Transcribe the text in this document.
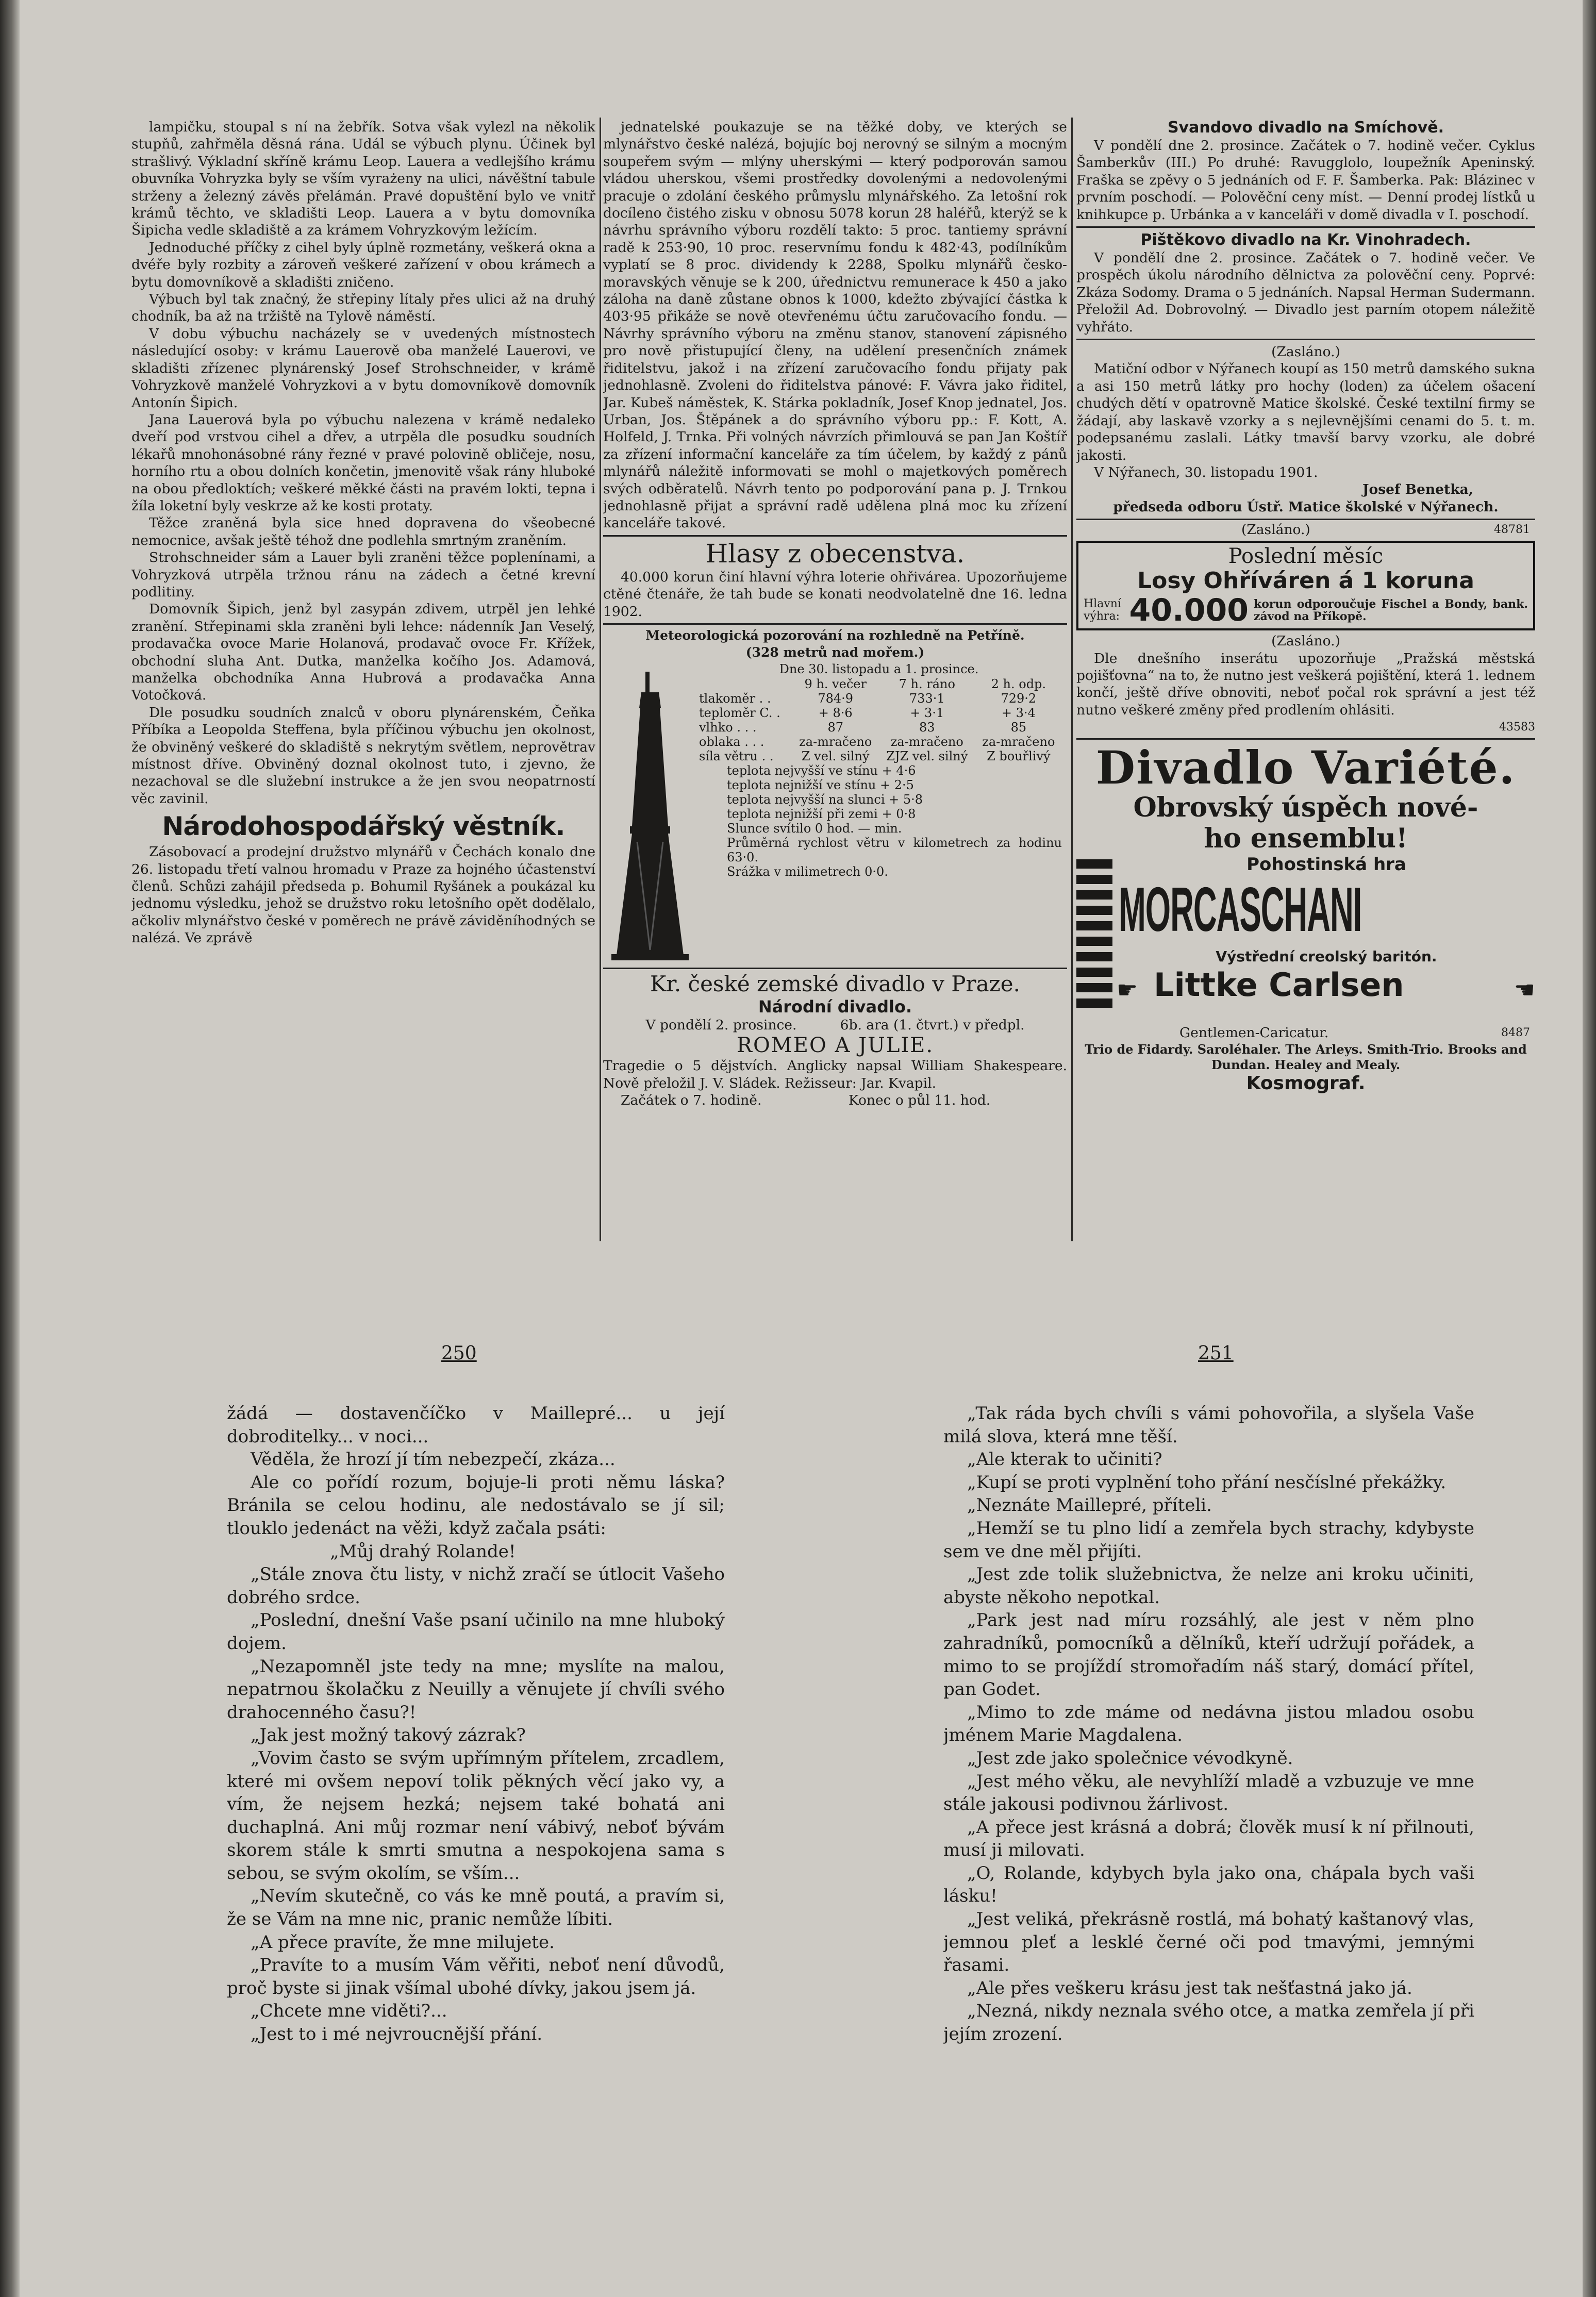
lampičku, stoupal s ní na žebřík. Sotva však vylezl na několik stupňů, zahřměla děsná rána. Udál se výbuch plynu. Účinek byl strašlivý. Výkladní skříně krámu Leop. Lauera a vedlejšího krámu obuvníka Vohryzka byly se vším vyrażeny na ulici, návěštní tabule strženy a železný závěs přelámán. Pravé dopuštění bylo ve vnitř krámů těchto, ve skladišti Leop. Lauera a v bytu domovníka Šipicha vedle skladiště a za krámem Vohryzkovým ležícím.

Jednoduché příčky z cihel byly úplně rozmetány, veškerá okna a dvéře byly rozbity a zároveň veškeré zařízení v obou krámech a bytu domovníkově a skladišti zničeno.

Výbuch byl tak značný, že střepiny lítaly přes ulici až na druhý chodník, ba až na tržiště na Tylově náměstí.

V dobu výbuchu nacházely se v uvedených místnostech následující osoby: v krámu Lauerově oba manželé Lauerovi, ve skladišti zřízenec plynárenský Josef Strohschneider, v krámě Vohryzkově manželé Vohryzkovi a v bytu domovníkově domovník Antonín Šipich.

Jana Lauerová byla po výbuchu nalezena v krámě nedaleko dveří pod vrstvou cihel a dřev, a utrpěla dle posudku soudních lékařů mnohonásobné rány řezné v pravé polovině obličeje, nosu, horního rtu a obou dolních končetin, jmenovitě však rány hluboké na obou předloktích; veškeré měkké části na pravém lokti, tepna i žíla loketní byly veskrze až ke kosti protaty.

Těžce zraněná byla sice hned dopravena do všeobecné nemocnice, avšak ještě téhož dne podlehla smrtným zraněním.

Strohschneider sám a Lauer byli zraněni těžce poplenínami, a Vohryzková utrpěla tržnou ránu na zádech a četné krevní podlitiny.

Domovník Šipich, jenž byl zasypán zdivem, utrpěl jen lehké zranění. Střepinami skla zraněni byli lehce: nádenník Jan Veselý, prodavačka ovoce Marie Holanová, prodavač ovoce Fr. Křížek, obchodní sluha Ant. Dutka, manželka kočího Jos. Adamová, manželka obchodníka Anna Hubrová a prodavačka Anna Votočková.

Dle posudku soudních znalců v oboru plynárenském, Čeňka Příbíka a Leopolda Steffena, byla příčinou výbuchu jen okolnost, že obviněný veškeré do skladiště s nekrytým světlem, neprovětrav místnost dříve. Obviněný doznal okolnost tuto, i zjevno, že nezachoval se dle služební instrukce a že jen svou neopatrností věc zavinil.

Národohospodářský věstník.

Zásobovací a prodejní družstvo mlynářů v Čechách konalo dne 26. listopadu třetí valnou hromadu v Praze za hojného účastenství členů. Schůzi zahájil předseda p. Bohumil Ryšánek a poukázal ku jednomu výsledku, jehož se družstvo roku letošního opět dodělalo, ačkoliv mlynářstvo české v poměrech ne právě záviděníhodných se nalézá. Ve zprávě

jednatelské poukazuje se na těžké doby, ve kterých se mlynářstvo české nalézá, bojujíc boj nerovný se silným a mocným soupeřem svým — mlýny uherskými — který podporován samou vládou uherskou, všemi prostředky dovolenými a nedovolenými pracuje o zdolání českého průmyslu mlynářského. Za letošní rok docíleno čistého zisku v obnosu 5078 korun 28 haléřů, kterýž se k návrhu správního výboru rozdělí takto: 5 proc. tantiemy správní radě k 253·90, 10 proc. reservnímu fondu k 482·43, podílníkům vyplatí se 8 proc. dividendy k 2288, Spolku mlynářů česko-moravských věnuje se k 200, úřednictvu remunerace k 450 a jako záloha na daně zůstane obnos k 1000, kdežto zbývající částka k 403·95 přikáže se nově otevřenému účtu zaručovacího fondu. — Návrhy správního výboru na změnu stanov, stanovení zápisného pro nově přistupující členy, na udělení presenčních známek řiditelstvu, jakož i na zřízení zaručovacího fondu přijaty pak jednohlasně. Zvoleni do řiditelstva pánové: F. Vávra jako řiditel, Jar. Kubeš náměstek, K. Stárka pokladník, Josef Knop jednatel, Jos. Urban, Jos. Štěpánek a do správního výboru pp.: F. Kott, A. Holfeld, J. Trnka. Při volných návrzích přimlouvá se pan Jan Koštíř za zřízení informační kanceláře za tím účelem, by každý z pánů mlynářů náležitě informovati se mohl o majetkových poměrech svých odběratelů. Návrh tento po podporování pana p. J. Trnkou jednohlasně přijat a správní radě udělena plná moc ku zřízení kanceláře takové.

Hlasy z obecenstva.

40.000 korun činí hlavní výhra loterie ohřivárea. Upozorňujeme ctěné čtenáře, že tah bude se konati neodvolatelně dne 16. ledna 1902.

Meteorologická pozorování na rozhledně na Petříně.
(328 metrů nad mořem.)
Dne 30. listopadu a 1. prosince.
	9 h. večer	7 h. ráno	2 h. odp.
tlakoměr . .	784·9	733·1	729·2
teploměr C. .	+ 8·6	+ 3·1	+ 3·4
vlhko . . .	87	83	85
oblaka . . .	za-mračeno	za-mračeno	za-mračeno
síla větru . .	Z vel. silný	ZJZ vel. silný	Z bouřlivý
teplota nejvyšší ve stínu + 4·6
teplota nejnižší ve stínu + 2·5
teplota nejvyšší na slunci + 5·8
teplota nejnižší při zemi + 0·8
Slunce svítilo 0 hod. — min.
Průměrná rychlost větru v kilometrech za hodinu 63·0.
Srážka v milimetrech 0·0.
Kr. české zemské divadlo v Praze.
Národní divadlo.
V pondělí 2. prosince.          6b. ara (1. čtvrt.) v předpl.
ROMEO A JULIE.

Tragedie o 5 dějstvích. Anglicky napsal William Shakespeare. Nově přeložil J. V. Sládek. Režisseur: Jar. Kvapil.

Začátek o 7. hodině.                    Konec o půl 11. hod.
Svandovo divadlo na Smíchově.

V pondělí dne 2. prosince. Začátek o 7. hodině večer. Cyklus Šamberkův (III.) Po druhé: Ravugglolo, loupežník Apeninský. Fraška se zpěvy o 5 jednáních od F. F. Šamberka. Pak: Blázinec v prvním poschodí. — Polověční ceny míst. — Denní prodej lístků u knihkupce p. Urbánka a v kanceláři v domě divadla v I. poschodí.

Pištěkovo divadlo na Kr. Vinohradech.

V pondělí dne 2. prosince. Začátek o 7. hodině večer. Ve prospěch úkolu národního dělnictva za polověční ceny. Poprvé: Zkáza Sodomy. Drama o 5 jednáních. Napsal Herman Sudermann. Přeložil Ad. Dobrovolný. — Divadlo jest parním otopem náležitě vyhřáto.

(Zasláno.)

Matiční odbor v Nýřanech koupí as 150 metrů damského sukna a asi 150 metrů látky pro hochy (loden) za účelem ošacení chudých dětí v opatrovně Matice školské. České textilní firmy se žádají, aby laskavě vzorky a s nejlevnějšími cenami do 5. t. m. podepsanému zaslali. Látky tmavší barvy vzorku, ale dobré jakosti.

V Nýřanech, 30. listopadu 1901.

Josef Benetka,
předseda odboru Ústř. Matice školské v Nýřanech.
(Zasláno.)	48781
Poslední měsíc
Losy Ohříváren á 1 koruna
Hlavní výhra: 40.000 korun odporoučuje Fischel a Bondy, bank. závod na Příkopě.
(Zasláno.)

Dle dnešního inserátu upozorňuje „Pražská městská pojišťovna“ na to, že nutno jest veškerá pojištění, která 1. lednem končí, ještě dříve obnoviti, neboť počal rok správní a jest též nutno veškeré změny před prodlením ohlásiti.

43583
Divadlo Variété.
Obrovský úspěch nové-
ho ensemblu!
Pohostinská hra
MORCASCHANI
Výstřední creolský baritón.
Littke Carlsen
☛	☚
Gentlemen-Caricatur.	8487
Trio de Fidardy. Saroléhaler. The Arleys. Smith-Trio. Brooks and Dundan. Healey and Mealy.
Kosmograf.
250	251

žádá — dostavenčíčko v Maillepré... u její dobroditelky... v noci...

Věděla, že hrozí jí tím nebezpečí, zkáza...

Ale co pořídí rozum, bojuje-li proti němu láska? Bránila se celou hodinu, ale nedostávalo se jí sil; tlouklo jedenáct na věži, když začala psáti:

„Můj drahý Rolande!

„Stále znova čtu listy, v nichž zračí se útlocit Vašeho dobrého srdce.

„Poslední, dnešní Vaše psaní učinilo na mne hluboký dojem.

„Nezapomněl jste tedy na mne; myslíte na malou, nepatrnou školačku z Neuilly a věnujete jí chvíli svého drahocenného času?!

„Jak jest možný takový zázrak?

„Vovim často se svým upřímným přítelem, zrcadlem, které mi ovšem nepoví tolik pěkných věcí jako vy, a vím, že nejsem hezká; nejsem také bohatá ani duchaplná. Ani můj rozmar není vábivý, neboť bývám skorem stále k smrti smutna a nespokojena sama s sebou, se svým okolím, se vším...

„Nevím skutečně, co vás ke mně poutá, a pravím si, že se Vám na mne nic, pranic nemůže líbiti.

„A přece pravíte, že mne milujete.

„Pravíte to a musím Vám věřiti, neboť není důvodů, proč byste si jinak všímal ubohé dívky, jakou jsem já.

„Chcete mne viděti?...

„Jest to i mé nejvroucnější přání.

„Tak ráda bych chvíli s vámi pohovořila, a slyšela Vaše milá slova, která mne těší.

„Ale kterak to učiniti?

„Kupí se proti vyplnění toho přání nesčíslné překážky.

„Neznáte Maillepré, příteli.

„Hemží se tu plno lidí a zemřela bych strachy, kdybyste sem ve dne měl přijíti.

„Jest zde tolik služebnictva, že nelze ani kroku učiniti, abyste někoho nepotkal.

„Park jest nad míru rozsáhlý, ale jest v něm plno zahradníků, pomocníků a dělníků, kteří udržují pořádek, a mimo to se projíždí stromořadím náš starý, domácí přítel, pan Godet.

„Mimo to zde máme od nedávna jistou mladou osobu jménem Marie Magdalena.

„Jest zde jako společnice vévodkyně.

„Jest mého věku, ale nevyhlíží mladě a vzbuzuje ve mne stále jakousi podivnou žárlivost.

„A přece jest krásná a dobrá; člověk musí k ní přilnouti, musí ji milovati.

„O, Rolande, kdybych byla jako ona, chápala bych vaši lásku!

„Jest veliká, překrásně rostlá, má bohatý kaštanový vlas, jemnou pleť a lesklé černé oči pod tmavými, jemnými řasami.

„Ale přes veškeru krásu jest tak nešťastná jako já.

„Nezná, nikdy neznala svého otce, a matka zemřela jí při jejím zrození.
